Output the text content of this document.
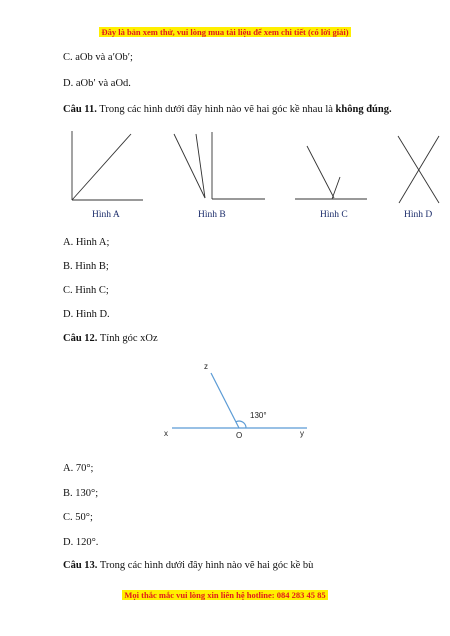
Đây là bản xem thử, vui lòng mua tài liệu để xem chi tiết (có lời giải)
C. aOb và a′Ob′;
D. aOb′ và aOd.
Câu 11. Trong các hình dưới đây hình nào vẽ hai góc kề nhau là không đúng.
Hình A	Hình B	Hình C	Hình D
A. Hình A;
B. Hình B;
C. Hình C;
D. Hình D.
Câu 12. Tính góc xOz
z
x	y
O
130°
A. 70°;
B. 130°;
C. 50°;
D. 120°.
Câu 13. Trong các hình dưới đây hình nào vẽ hai góc kề bù
Mọi thắc mắc vui lòng xin liên hệ hotline: 084 283 45 85
